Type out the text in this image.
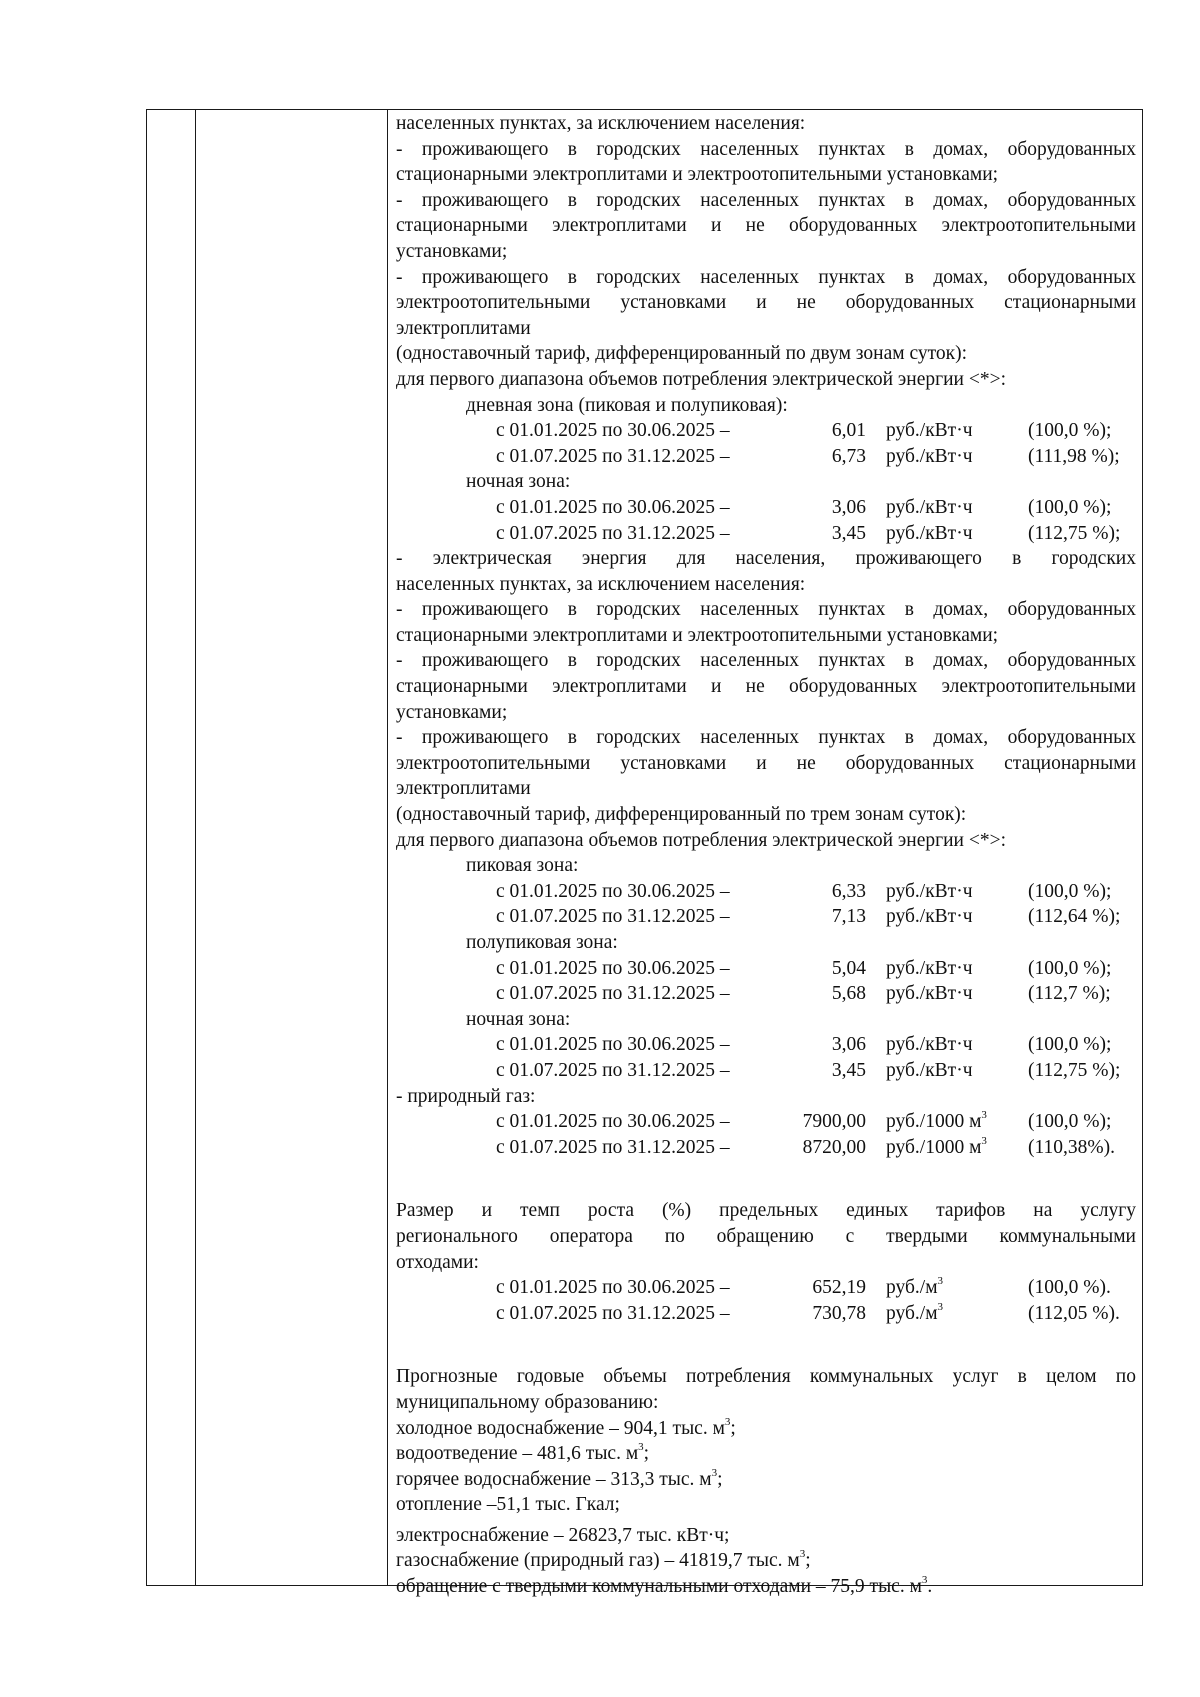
населенных пунктах, за исключением населения:
- проживающего в городских населенных пунктах в домах, оборудованных
стационарными электроплитами и электроотопительными установками;
- проживающего в городских населенных пунктах в домах, оборудованных
стационарными электроплитами и не оборудованных электроотопительными
установками;
- проживающего в городских населенных пунктах в домах, оборудованных
электроотопительными установками и не оборудованных стационарными
электроплитами
(одноставочный тариф, дифференцированный по двум зонам суток):
для первого диапазона объемов потребления электрической энергии <*>:
дневная зона (пиковая и полупиковая):
с 01.01.2025 по 30.06.2025 –	6,01 руб./кВт·ч	(100,0 %);
с 01.07.2025 по 31.12.2025 –	6,73 руб./кВт·ч	(111,98 %);
ночная зона:
с 01.01.2025 по 30.06.2025 –	3,06 руб./кВт·ч	(100,0 %);
с 01.07.2025 по 31.12.2025 –	3,45 руб./кВт·ч	(112,75 %);
- электрическая энергия для населения, проживающего в городских
населенных пунктах, за исключением населения:
- проживающего в городских населенных пунктах в домах, оборудованных
стационарными электроплитами и электроотопительными установками;
- проживающего в городских населенных пунктах в домах, оборудованных
стационарными электроплитами и не оборудованных электроотопительными
установками;
- проживающего в городских населенных пунктах в домах, оборудованных
электроотопительными установками и не оборудованных стационарными
электроплитами
(одноставочный тариф, дифференцированный по трем зонам суток):
для первого диапазона объемов потребления электрической энергии <*>:
пиковая зона:
с 01.01.2025 по 30.06.2025 –	6,33 руб./кВт·ч	(100,0 %);
с 01.07.2025 по 31.12.2025 –	7,13 руб./кВт·ч	(112,64 %);
полупиковая зона:
с 01.01.2025 по 30.06.2025 –	5,04 руб./кВт·ч	(100,0 %);
с 01.07.2025 по 31.12.2025 –	5,68 руб./кВт·ч	(112,7 %);
ночная зона:
с 01.01.2025 по 30.06.2025 –	3,06 руб./кВт·ч	(100,0 %);
с 01.07.2025 по 31.12.2025 –	3,45 руб./кВт·ч	(112,75 %);
- природный газ:
с 01.01.2025 по 30.06.2025 –	7900,00 руб./1000 $м^3$ (100,0 %);
с 01.07.2025 по 31.12.2025 –	8720,00 руб./1000 $м^3$ (110,38%).
Размер и темп роста (%) предельных единых тарифов на услугу
регионального оператора по обращению с твердыми коммунальными
отходами:
с 01.01.2025 по 30.06.2025 –	652,19 $руб./м^3$	(100,0 %).
с 01.07.2025 по 31.12.2025 –	730,78 $руб./м^3$	(112,05 %).
Прогнозные годовые объемы потребления коммунальных услуг в целом по
муниципальному образованию:
холодное водоснабжение – 904,1 тыс. $м^3$;
водоотведение – 481,6 тыс. $м^3$;
горячее водоснабжение – 313,3 тыс. $м^3$;
отопление –51,1 тыс. Гкал;
электроснабжение – 26823,7 тыс. кВт·ч;
газоснабжение (природный газ) – 41819,7 тыс. $м^3$;
обращение с твердыми коммунальными отходами – 75,9 тыс. $м^3$.
